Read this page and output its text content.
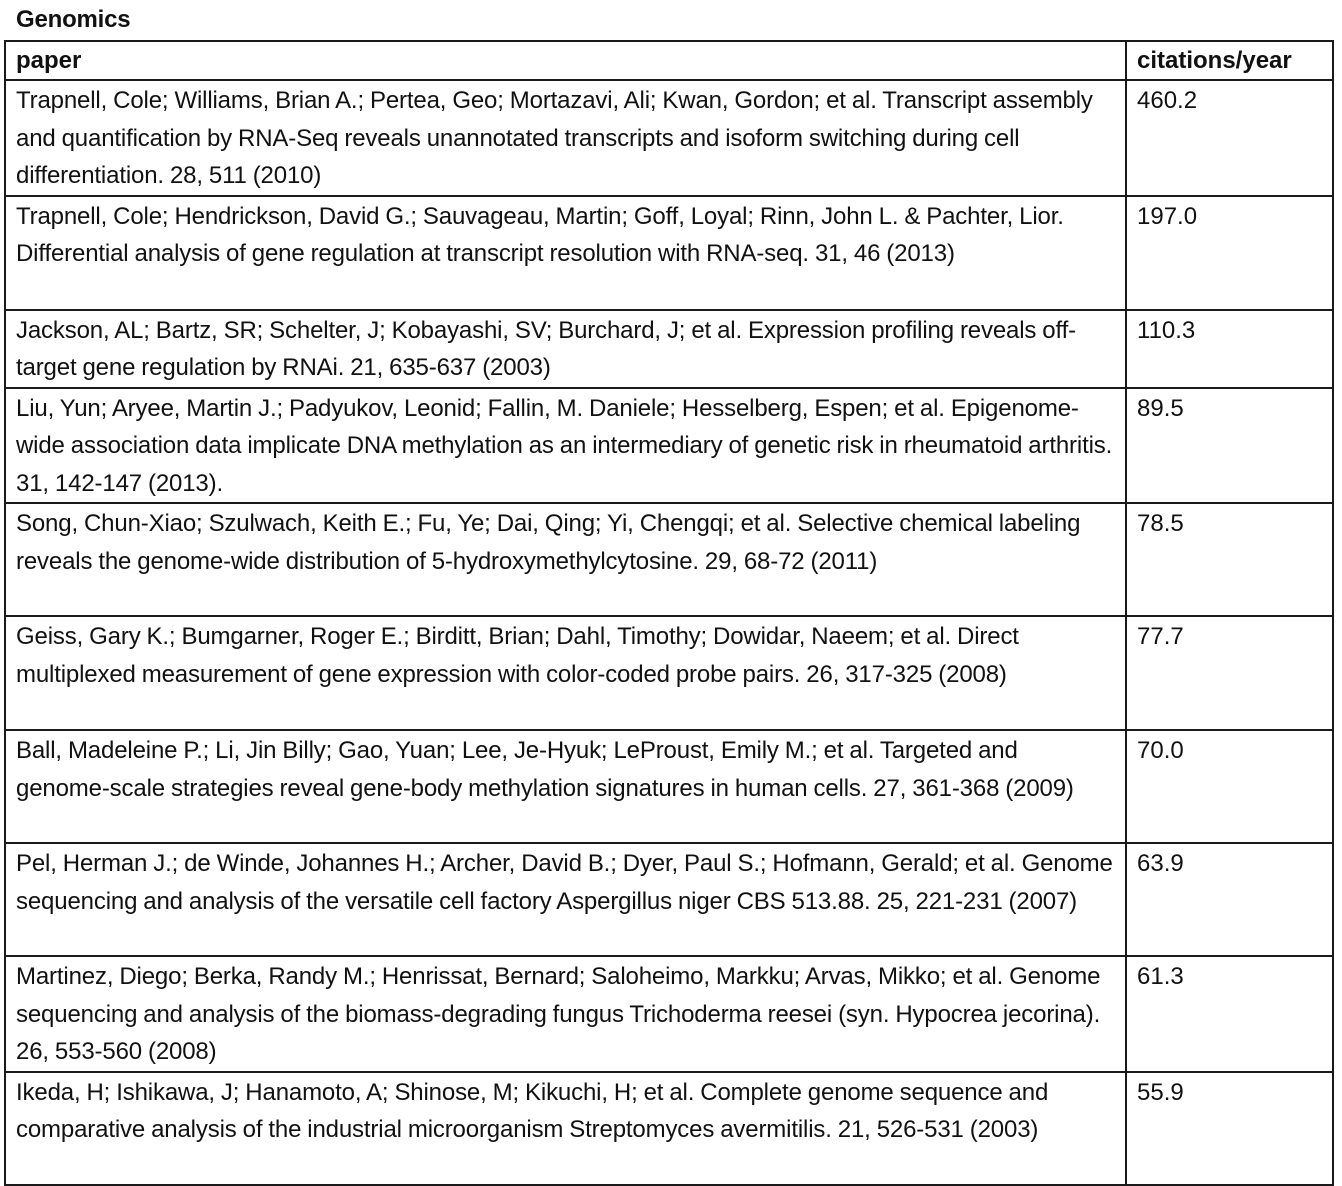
Genomics
paper	citations/year
Trapnell, Cole; Williams, Brian A.; Pertea, Geo; Mortazavi, Ali; Kwan, Gordon; et al. Transcript assembly and quantification by RNA-Seq reveals unannotated transcripts and isoform switching during cell differentiation. 28, 511 (2010)	460.2
Trapnell, Cole; Hendrickson, David G.; Sauvageau, Martin; Goff, Loyal; Rinn, John L. & Pachter, Lior. Differential analysis of gene regulation at transcript resolution with RNA-seq. 31, 46 (2013)	197.0
Jackson, AL; Bartz, SR; Schelter, J; Kobayashi, SV; Burchard, J; et al. Expression profiling reveals off-target gene regulation by RNAi. 21, 635-637 (2003)	110.3
Liu, Yun; Aryee, Martin J.; Padyukov, Leonid; Fallin, M. Daniele; Hesselberg, Espen; et al. Epigenome-wide association data implicate DNA methylation as an intermediary of genetic risk in rheumatoid arthritis. 31, 142-147 (2013).	89.5
Song, Chun-Xiao; Szulwach, Keith E.; Fu, Ye; Dai, Qing; Yi, Chengqi; et al. Selective chemical labeling reveals the genome-wide distribution of 5-hydroxymethylcytosine. 29, 68-72 (2011)	78.5
Geiss, Gary K.; Bumgarner, Roger E.; Birditt, Brian; Dahl, Timothy; Dowidar, Naeem; et al. Direct multiplexed measurement of gene expression with color-coded probe pairs. 26, 317-325 (2008)	77.7
Ball, Madeleine P.; Li, Jin Billy; Gao, Yuan; Lee, Je-Hyuk; LeProust, Emily M.; et al. Targeted and genome-scale strategies reveal gene-body methylation signatures in human cells. 27, 361-368 (2009)	70.0
Pel, Herman J.; de Winde, Johannes H.; Archer, David B.; Dyer, Paul S.; Hofmann, Gerald; et al. Genome sequencing and analysis of the versatile cell factory Aspergillus niger CBS 513.88. 25, 221-231 (2007)	63.9
Martinez, Diego; Berka, Randy M.; Henrissat, Bernard; Saloheimo, Markku; Arvas, Mikko; et al. Genome sequencing and analysis of the biomass-degrading fungus Trichoderma reesei (syn. Hypocrea jecorina). 26, 553-560 (2008)	61.3
Ikeda, H; Ishikawa, J; Hanamoto, A; Shinose, M; Kikuchi, H; et al. Complete genome sequence and comparative analysis of the industrial microorganism Streptomyces avermitilis. 21, 526-531 (2003)	55.9
